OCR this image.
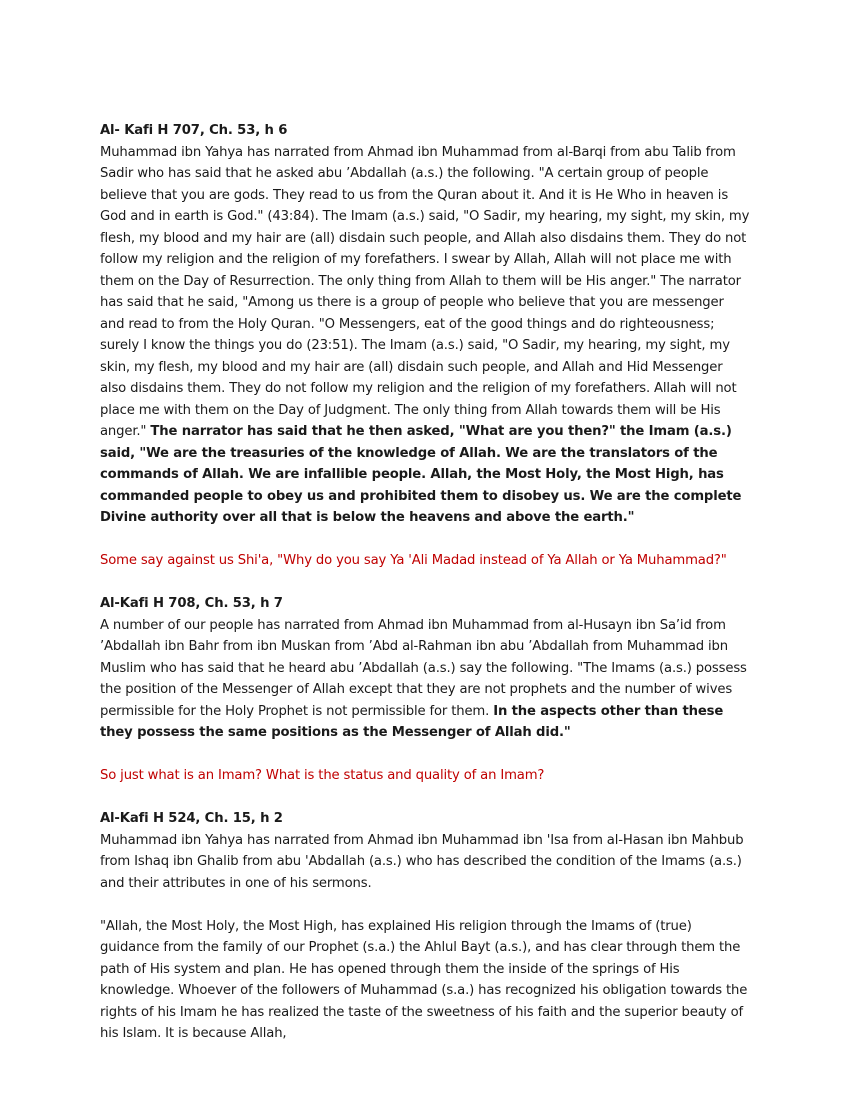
Al- Kafi H 707, Ch. 53, h 6
Muhammad ibn Yahya has narrated from Ahmad ibn Muhammad from al-Barqi from abu Talib from Sadir who has said that he asked abu ’Abdallah (a.s.) the following. "A certain group of people believe that you are gods. They read to us from the Quran about it. And it is He Who in heaven is God and in earth is God." (43:84). The Imam (a.s.) said, "O Sadir, my hearing, my sight, my skin, my flesh, my blood and my hair are (all) disdain such people, and Allah also disdains them. They do not follow my religion and the religion of my forefathers. I swear by Allah, Allah will not place me with them on the Day of Resurrection. The only thing from Allah to them will be His anger." The narrator has said that he said, "Among us there is a group of people who believe that you are messenger and read to from the Holy Quran. "O Messengers, eat of the good things and do righteousness; surely I know the things you do (23:51). The Imam (a.s.) said, "O Sadir, my hearing, my sight, my skin, my flesh, my blood and my hair are (all) disdain such people, and Allah and Hid Messenger also disdains them. They do not follow my religion and the religion of my forefathers. Allah will not place me with them on the Day of Judgment. The only thing from Allah towards them will be His anger." The narrator has said that he then asked, "What are you then?" the Imam (a.s.) said, "We are the treasuries of the knowledge of Allah. We are the translators of the commands of Allah. We are infallible people. Allah, the Most Holy, the Most High, has commanded people to obey us and prohibited them to disobey us. We are the complete Divine authority over all that is below the heavens and above the earth."
Some say against us Shi'a, "Why do you say Ya 'Ali Madad instead of Ya Allah or Ya Muhammad?"
Al-Kafi H 708, Ch. 53, h 7
A number of our people has narrated from Ahmad ibn Muhammad from al-Husayn ibn Sa’id from ’Abdallah ibn Bahr from ibn Muskan from ’Abd al-Rahman ibn abu ’Abdallah from Muhammad ibn Muslim who has said that he heard abu ’Abdallah (a.s.) say the following. "The Imams (a.s.) possess the position of the Messenger of Allah except that they are not prophets and the number of wives permissible for the Holy Prophet is not permissible for them. In the aspects other than these they possess the same positions as the Messenger of Allah did."
So just what is an Imam? What is the status and quality of an Imam?
Al-Kafi H 524, Ch. 15, h 2
Muhammad ibn Yahya has narrated from Ahmad ibn Muhammad ibn 'Isa from al-Hasan ibn Mahbub from Ishaq ibn Ghalib from abu 'Abdallah (a.s.) who has described the condition of the Imams (a.s.) and their attributes in one of his sermons.
"Allah, the Most Holy, the Most High, has explained His religion through the Imams of (true) guidance from the family of our Prophet (s.a.) the Ahlul Bayt (a.s.), and has clear through them the path of His system and plan. He has opened through them the inside of the springs of His knowledge. Whoever of the followers of Muhammad (s.a.) has recognized his obligation towards the rights of his Imam he has realized the taste of the sweetness of his faith and the superior beauty of his Islam. It is because Allah,
